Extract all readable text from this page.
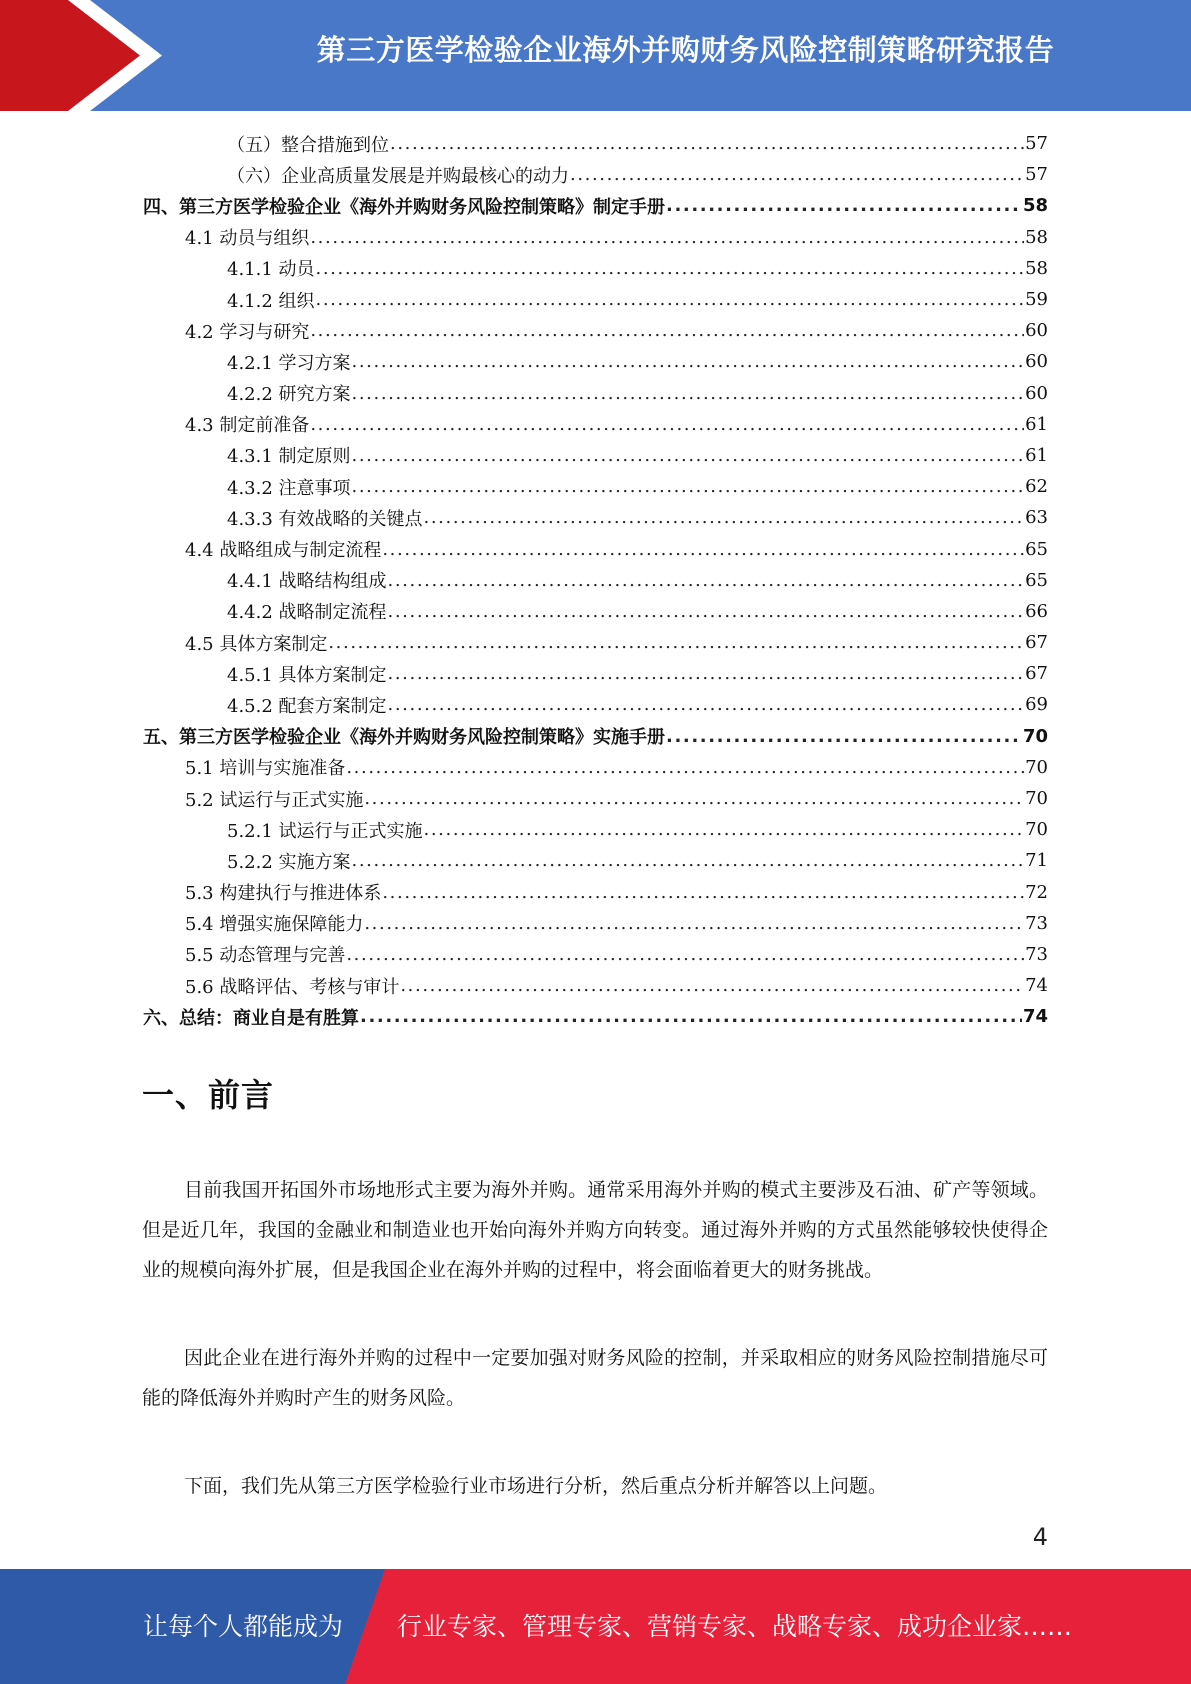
第三方医学检验企业海外并购财务风险控制策略研究报告
（五）整合措施到位 .....	57
（六）企业高质量发展是并购最核心的动力 .....	57
四、第三方医学检验企业《海外并购财务风险控制策略》制定手册 .....	58
4.1 动员与组织 .....	58
4.1.1 动员 .....	58
4.1.2 组织 .....	59
4.2 学习与研究 .....	60
4.2.1 学习方案 .....	60
4.2.2 研究方案 .....	60
4.3 制定前准备 .....	61
4.3.1 制定原则 .....	61
4.3.2 注意事项 .....	62
4.3.3 有效战略的关键点 .....	63
4.4 战略组成与制定流程 .....	65
4.4.1 战略结构组成 .....	65
4.4.2 战略制定流程 .....	66
4.5 具体方案制定 .....	67
4.5.1 具体方案制定 .....	67
4.5.2 配套方案制定 .....	69
五、第三方医学检验企业《海外并购财务风险控制策略》实施手册 .....	70
5.1 培训与实施准备 .....	70
5.2 试运行与正式实施 .....	70
5.2.1 试运行与正式实施 .....	70
5.2.2 实施方案 .....	71
5.3 构建执行与推进体系 .....	72
5.4 增强实施保障能力 .....	73
5.5 动态管理与完善 .....	73
5.6 战略评估、考核与审计 .....	74
六、总结：商业自是有胜算 .....	74
一、前言

目前我国开拓国外市场地形式主要为海外并购。通常采用海外并购的模式主要涉及石油、矿产等领域。但是近几年，我国的金融业和制造业也开始向海外并购方向转变。通过海外并购的方式虽然能够较快使得企业的规模向海外扩展，但是我国企业在海外并购的过程中，将会面临着更大的财务挑战。

因此企业在进行海外并购的过程中一定要加强对财务风险的控制，并采取相应的财务风险控制措施尽可能的降低海外并购时产生的财务风险。

下面，我们先从第三方医学检验行业市场进行分析，然后重点分析并解答以上问题。

4
让每个人都能成为 行业专家、管理专家、营销专家、战略专家、成功企业家……
